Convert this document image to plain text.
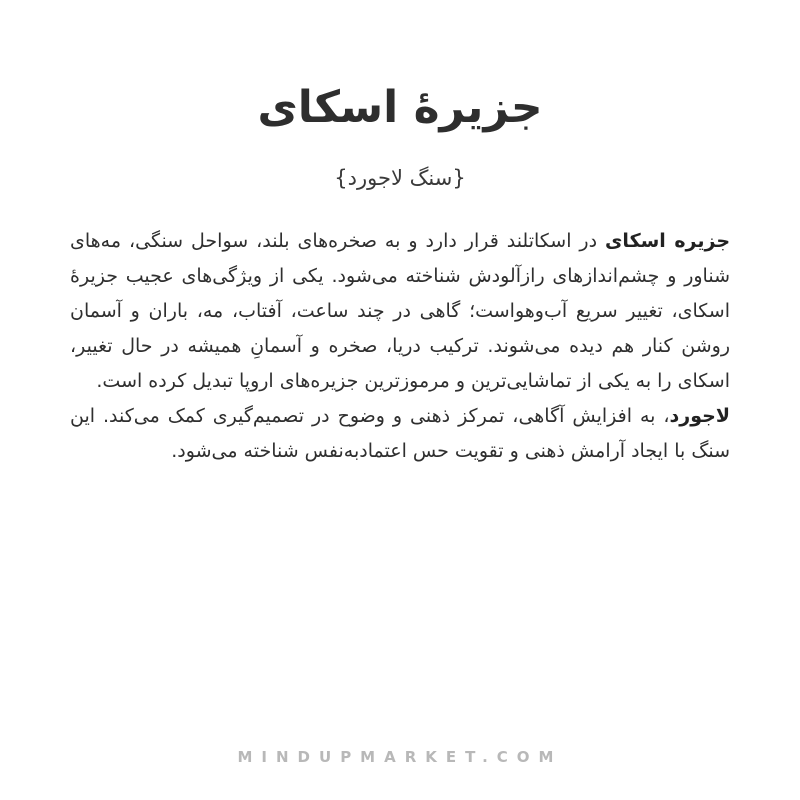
جزیرهٔ اسکای
{سنگ لاجورد}

جزیره اسکای در اسکاتلند قرار دارد و به صخره‌های بلند، سواحل سنگی، مه‌های شناور و چشم‌اندازهای رازآلودش شناخته می‌شود. یکی از ویژگی‌های عجیب جزیرهٔ اسکای، تغییر سریع آب‌وهواست؛ گاهی در چند ساعت، آفتاب، مه، باران و آسمان روشن کنار هم دیده می‌شوند. ترکیب دریا، صخره و آسمانِ همیشه در حال تغییر، اسکای را به یکی از تماشایی‌ترین و مرموزترین جزیره‌های اروپا تبدیل کرده است.

لاجورد، به افزایش آگاهی، تمرکز ذهنی و وضوح در تصمیم‌گیری کمک می‌کند. این سنگ با ایجاد آرامش ذهنی و تقویت حس اعتمادبه‌نفس شناخته می‌شود.

MINDUPMARKET.COM
